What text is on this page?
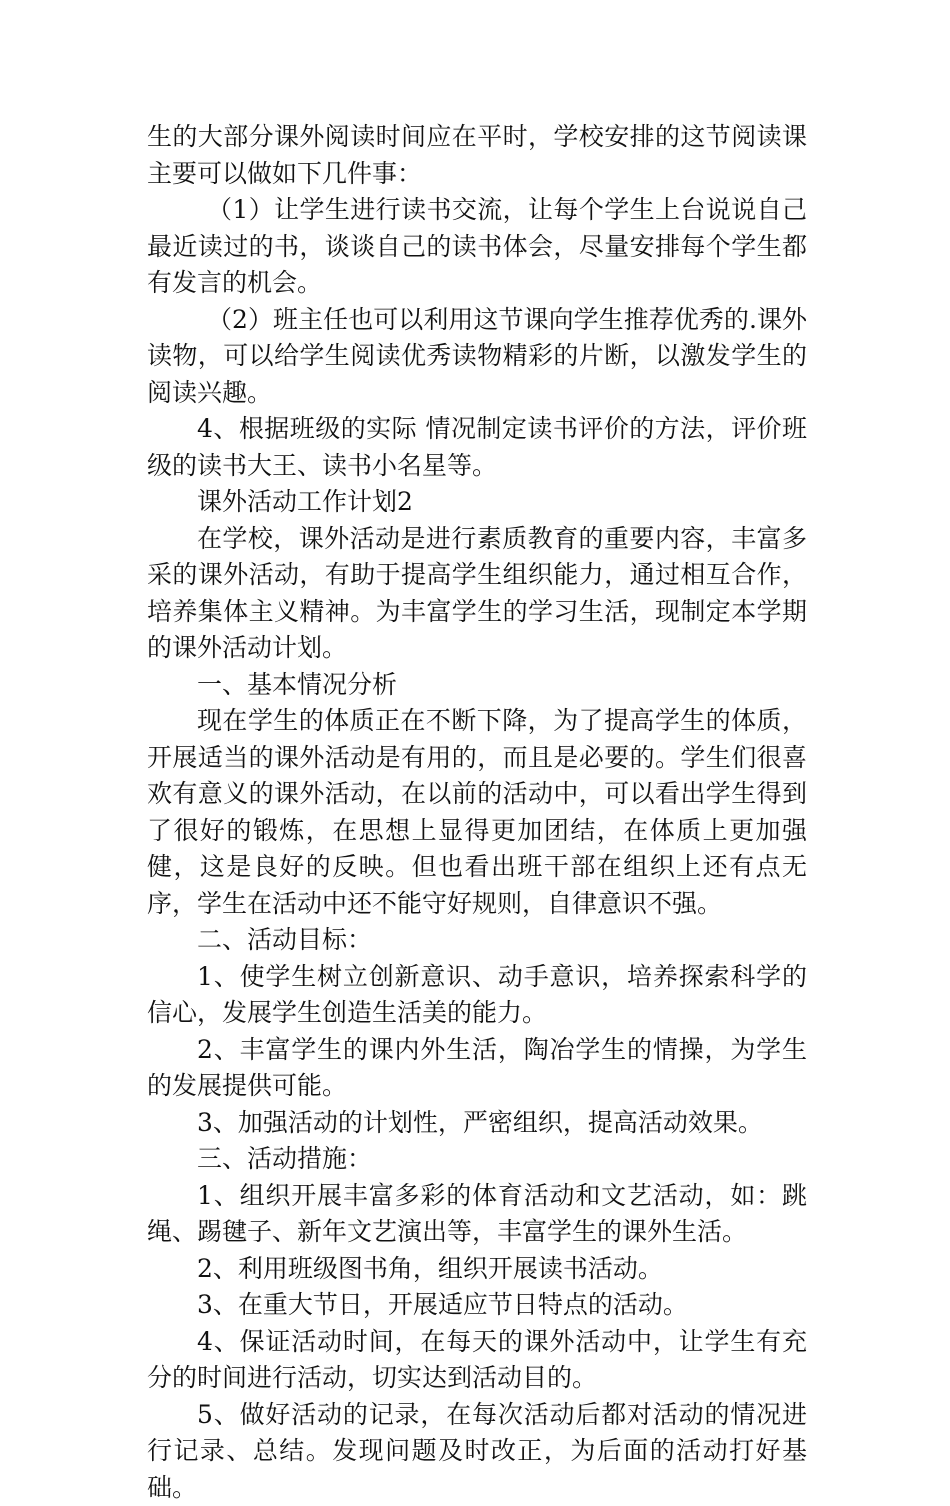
生的大部分课外阅读时间应在平时，学校安排的这节阅读课主要可以做如下几件事：

（1）让学生进行读书交流，让每个学生上台说说自己最近读过的书，谈谈自己的读书体会，尽量安排每个学生都有发言的机会。

（2）班主任也可以利用这节课向学生推荐优秀的.课外读物，可以给学生阅读优秀读物精彩的片断，以激发学生的阅读兴趣。

4、根据班级的实际 情况制定读书评价的方法，评价班级的读书大王、读书小名星等。

课外活动工作计划2

在学校，课外活动是进行素质教育的重要内容，丰富多采的课外活动，有助于提高学生组织能力，通过相互合作，培养集体主义精神。为丰富学生的学习生活，现制定本学期的课外活动计划。

一、基本情况分析

现在学生的体质正在不断下降，为了提高学生的体质，开展适当的课外活动是有用的，而且是必要的。学生们很喜欢有意义的课外活动，在以前的活动中，可以看出学生得到了很好的锻炼，在思想上显得更加团结，在体质上更加强健，这是良好的反映。但也看出班干部在组织上还有点无序，学生在活动中还不能守好规则，自律意识不强。

二、活动目标：

1、使学生树立创新意识、动手意识，培养探索科学的信心，发展学生创造生活美的能力。

2、丰富学生的课内外生活，陶冶学生的情操，为学生的发展提供可能。

3、加强活动的计划性，严密组织，提高活动效果。

三、活动措施：

1、组织开展丰富多彩的体育活动和文艺活动，如：跳绳、踢毽子、新年文艺演出等，丰富学生的课外生活。

2、利用班级图书角，组织开展读书活动。

3、在重大节日，开展适应节日特点的活动。

4、保证活动时间，在每天的课外活动中，让学生有充分的时间进行活动，切实达到活动目的。

5、做好活动的记录，在每次活动后都对活动的情况进行记录、总结。发现问题及时改正，为后面的活动打好基础。
